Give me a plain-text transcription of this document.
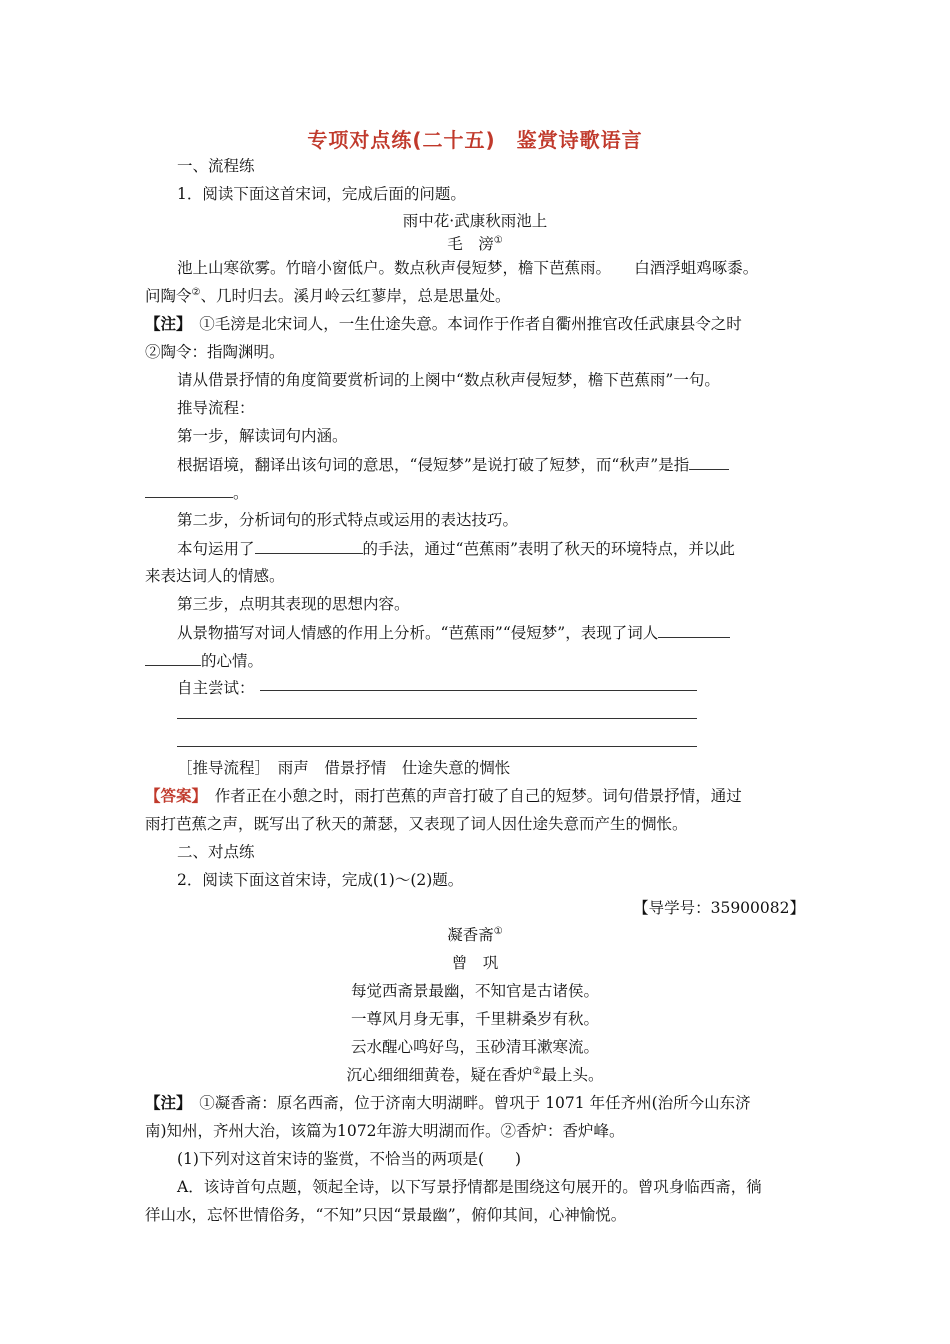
专项对点练(二十五)　鉴赏诗歌语言
一、流程练
1．阅读下面这首宋词，完成后面的问题。
雨中花·武康秋雨池上
毛　滂①
池上山寒欲雾。竹暗小窗低户。数点秋声侵短梦，檐下芭蕉雨。　　白酒浮蛆鸡啄黍。
问陶令②、几时归去。溪月岭云红蓼岸，总是思量处。
【注】　①毛滂是北宋词人，一生仕途失意。本词作于作者自衢州推官改任武康县令之时
②陶令：指陶渊明。
请从借景抒情的角度简要赏析词的上阕中“数点秋声侵短梦，檐下芭蕉雨”一句。
推导流程：
第一步，解读词句内涵。
根据语境，翻译出该句词的意思，“侵短梦”是说打破了短梦，而“秋声”是指
。
第二步，分析词句的形式特点或运用的表达技巧。
本句运用了	的手法，通过“芭蕉雨”表明了秋天的环境特点，并以此
来表达词人的情感。
第三步，点明其表现的思想内容。
从景物描写对词人情感的作用上分析。“芭蕉雨”“侵短梦”，表现了词人
的心情。
自主尝试：
［推导流程］　雨声　借景抒情　仕途失意的惆怅
【答案】　作者正在小憩之时，雨打芭蕉的声音打破了自己的短梦。词句借景抒情，通过
雨打芭蕉之声，既写出了秋天的萧瑟，又表现了词人因仕途失意而产生的惆怅。
二、对点练
2．阅读下面这首宋诗，完成(1)～(2)题。
【导学号：35900082】
凝香斋①
曾　巩
每觉西斋景最幽，不知官是古诸侯。
一尊风月身无事，千里耕桑岁有秋。
云水醒心鸣好鸟，玉砂清耳漱寒流。
沉心细细细黄卷，疑在香炉②最上头。
【注】　①凝香斋：原名西斋，位于济南大明湖畔。曾巩于 1071 年任齐州(治所今山东济
南)知州，齐州大治，该篇为1072年游大明湖而作。②香炉：香炉峰。
(1)下列对这首宋诗的鉴赏，不恰当的两项是(　　)
A．该诗首句点题，领起全诗，以下写景抒情都是围绕这句展开的。曾巩身临西斋，徜
徉山水，忘怀世情俗务，“不知”只因“景最幽”，俯仰其间，心神愉悦。
